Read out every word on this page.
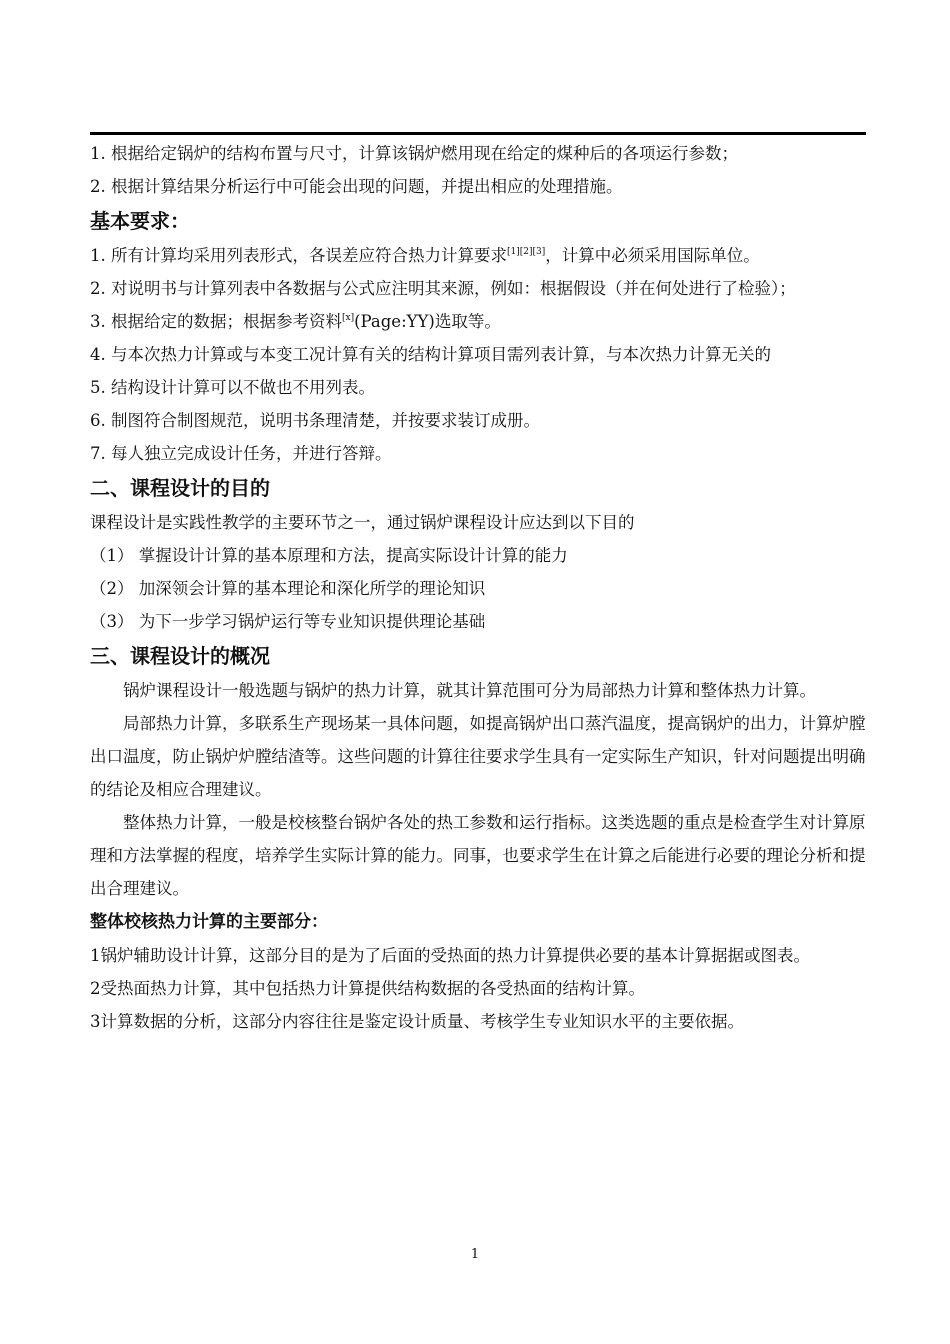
1. 根据给定锅炉的结构布置与尺寸，计算该锅炉燃用现在给定的煤种后的各项运行参数；

2. 根据计算结果分析运行中可能会出现的问题，并提出相应的处理措施。

基本要求：

1. 所有计算均采用列表形式，各误差应符合热力计算要求[1][2][3]，计算中必须采用国际单位。

2. 对说明书与计算列表中各数据与公式应注明其来源，例如：根据假设（并在何处进行了检验）；

3. 根据给定的数据；根据参考资料[x](Page:YY)选取等。

4. 与本次热力计算或与本变工况计算有关的结构计算项目需列表计算，与本次热力计算无关的

5. 结构设计计算可以不做也不用列表。

6. 制图符合制图规范，说明书条理清楚，并按要求装订成册。

7. 每人独立完成设计任务，并进行答辩。

二、课程设计的目的

课程设计是实践性教学的主要环节之一，通过锅炉课程设计应达到以下目的

（1） 掌握设计计算的基本原理和方法，提高实际设计计算的能力

（2） 加深领会计算的基本理论和深化所学的理论知识

（3） 为下一步学习锅炉运行等专业知识提供理论基础

三、课程设计的概况

锅炉课程设计一般选题与锅炉的热力计算，就其计算范围可分为局部热力计算和整体热力计算。

局部热力计算，多联系生产现场某一具体问题，如提高锅炉出口蒸汽温度，提高锅炉的出力，计算炉膛出口温度，防止锅炉炉膛结渣等。这些问题的计算往往要求学生具有一定实际生产知识，针对问题提出明确的结论及相应合理建议。

整体热力计算，一般是校核整台锅炉各处的热工参数和运行指标。这类选题的重点是检查学生对计算原理和方法掌握的程度，培养学生实际计算的能力。同事，也要求学生在计算之后能进行必要的理论分析和提出合理建议。

整体校核热力计算的主要部分：

1锅炉辅助设计计算，这部分目的是为了后面的受热面的热力计算提供必要的基本计算据据或图表。

2受热面热力计算，其中包括热力计算提供结构数据的各受热面的结构计算。

3计算数据的分析，这部分内容往往是鉴定设计质量、考核学生专业知识水平的主要依据。

1
